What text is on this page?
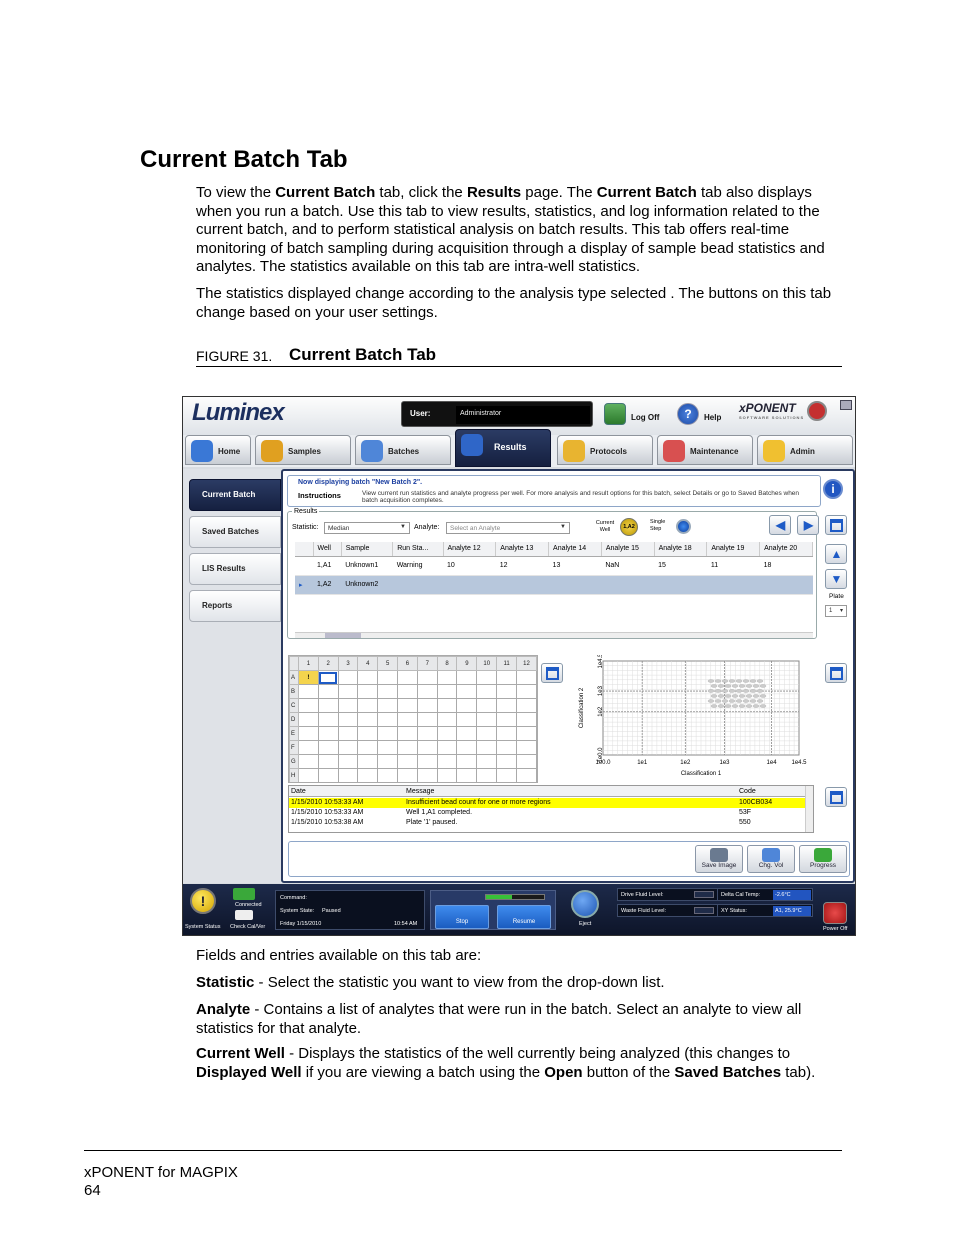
Current Batch Tab

To view the Current Batch tab, click the Results page. The Current Batch tab also displays when you run a batch. Use this tab to view results, statistics, and log information related to the current batch, and to perform statistical analysis on batch results. This tab offers real-time monitoring of batch sampling during acquisition through a display of sample bead statistics and analytes. The statistics available on this tab are intra-well statistics.

The statistics displayed change according to the analysis type selected . The buttons on this tab change based on your user settings.

FIGURE 31. Current Batch Tab
Luminex	User:	Administrator	Log Off	?	Help
xPONENT
SOFTWARE SOLUTIONS
Home	Samples	Batches	Results	Protocols	Maintenance	Admin
Current Batch
Saved Batches
LIS Results
Reports
Now displaying batch "New Batch 2".
Instructions	View current run statistics and analyte progress per well. For more analysis and result options for this batch, select Details or go to Saved Batches when batch acquisition completes.
i
Results
Statistic:	Median	▼ Analyte:	Select an Analyte	▼
Current Well	1,A2
Single Step
	Well	Sample	Run Sta...	Analyte 12	Analyte 13	Analyte 14	Analyte 15	Analyte 18	Analyte 19	Analyte 20
	1,A1	Unknown1	Warning	10	12	13	NaN	15	11	18
▸	1,A2	Unknown2								

◀ ▶
▲
▼
Plate
1 ▾
	1	2	3	4	5	6	7	8	9	10	11	12
A	!											
B												
C												
D												
E												
F												
G												
H												
1e0.0	1e1	1e2	1e3	1e4 1e4.5
1e0.0
1e2
1e3
1e4.5
Classification 1
Classification 2
Date	Message	Code
1/15/2010 10:53:33 AM	Insufficient bead count for one or more regions	100CB034
1/15/2010 10:53:33 AM	Well 1,A1 completed.	53F
1/15/2010 10:53:38 AM	Plate '1' paused.	550
Save Image	Chg. Vol	Progress
!
System Status
Connected
Check Cal/Ver
Command:
System State: Paused
Friday 1/15/2010	10:54 AM	Stop	Resume	Eject
Drive Fluid Level:
Waste Fluid Level:
Delta Cal Temp:	-2.6°C
XY Status:	A1, 25.9°C
Power Off

Fields and entries available on this tab are:

Statistic - Select the statistic you want to view from the drop-down list.

Analyte - Contains a list of analytes that were run in the batch. Select an analyte to view all statistics for that analyte.

Current Well - Displays the statistics of the well currently being analyzed (this changes to Displayed Well if you are viewing a batch using the Open button of the Saved Batches tab).

xPONENT for MAGPIX
64
